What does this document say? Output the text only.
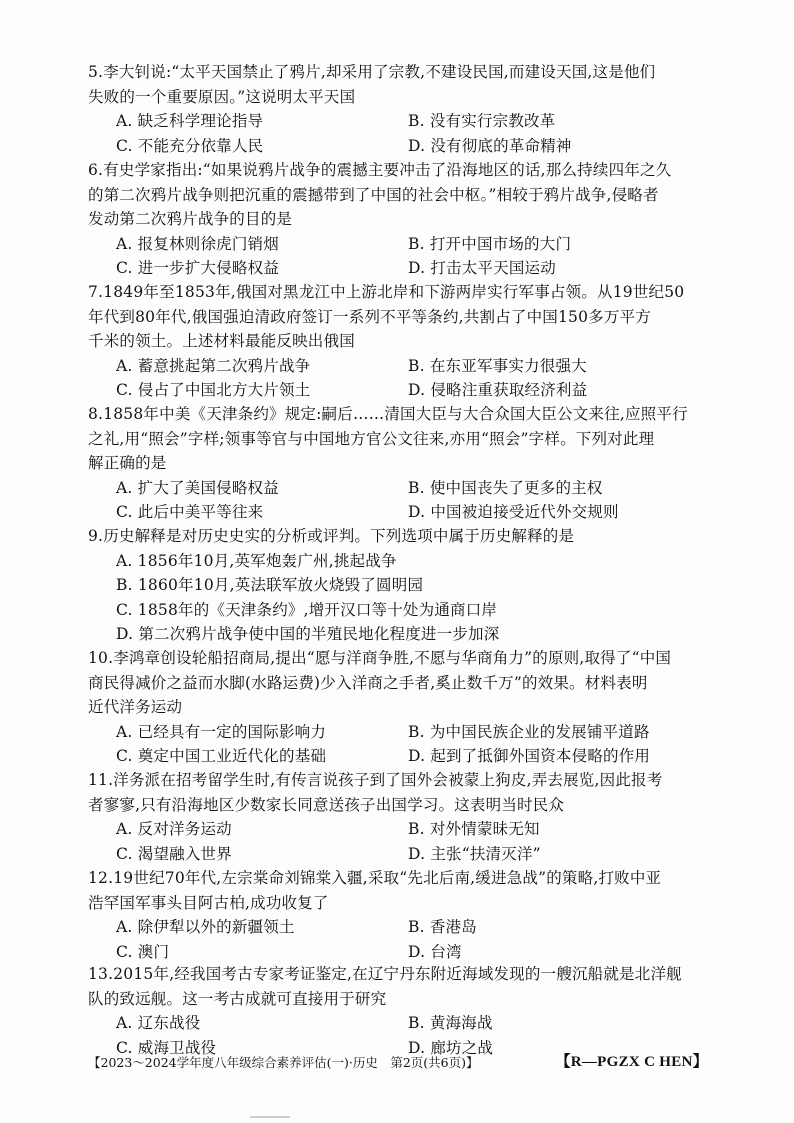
5.李大钊说:“太平天国禁止了鸦片,却采用了宗教,不建设民国,而建设天国,这是他们
失败的一个重要原因。”这说明太平天国
A. 缺乏科学理论指导	B. 没有实行宗教改革
C. 不能充分依靠人民	D. 没有彻底的革命精神
6.有史学家指出:“如果说鸦片战争的震撼主要冲击了沿海地区的话,那么持续四年之久
的第二次鸦片战争则把沉重的震撼带到了中国的社会中枢。”相较于鸦片战争,侵略者
发动第二次鸦片战争的目的是
A. 报复林则徐虎门销烟	B. 打开中国市场的大门
C. 进一步扩大侵略权益	D. 打击太平天国运动
7.1849年至1853年,俄国对黑龙江中上游北岸和下游两岸实行军事占领。从19世纪50
年代到80年代,俄国强迫清政府签订一系列不平等条约,共割占了中国150多万平方
千米的领土。上述材料最能反映出俄国
A. 蓄意挑起第二次鸦片战争	B. 在东亚军事实力很强大
C. 侵占了中国北方大片领土	D. 侵略注重获取经济利益
8.1858年中美《天津条约》规定:嗣后……清国大臣与大合众国大臣公文来往,应照平行
之礼,用“照会”字样;领事等官与中国地方官公文往来,亦用“照会”字样。下列对此理
解正确的是
A. 扩大了美国侵略权益	B. 使中国丧失了更多的主权
C. 此后中美平等往来	D. 中国被迫接受近代外交规则
9.历史解释是对历史史实的分析或评判。下列选项中属于历史解释的是
A. 1856年10月,英军炮轰广州,挑起战争
B. 1860年10月,英法联军放火烧毁了圆明园
C. 1858年的《天津条约》,增开汉口等十处为通商口岸
D. 第二次鸦片战争使中国的半殖民地化程度进一步加深
10.李鸿章创设轮船招商局,提出“愿与洋商争胜,不愿与华商角力”的原则,取得了“中国
商民得减价之益而水脚(水路运费)少入洋商之手者,奚止数千万”的效果。材料表明
近代洋务运动
A. 已经具有一定的国际影响力	B. 为中国民族企业的发展铺平道路
C. 奠定中国工业近代化的基础	D. 起到了抵御外国资本侵略的作用
11.洋务派在招考留学生时,有传言说孩子到了国外会被蒙上狗皮,弄去展览,因此报考
者寥寥,只有沿海地区少数家长同意送孩子出国学习。这表明当时民众
A. 反对洋务运动	B. 对外情蒙昧无知
C. 渴望融入世界	D. 主张“扶清灭洋”
12.19世纪70年代,左宗棠命刘锦棠入疆,采取“先北后南,缓进急战”的策略,打败中亚
浩罕国军事头目阿古柏,成功收复了
A. 除伊犁以外的新疆领土	B. 香港岛
C. 澳门	D. 台湾
13.2015年,经我国考古专家考证鉴定,在辽宁丹东附近海域发现的一艘沉船就是北洋舰
队的致远舰。这一考古成就可直接用于研究
A. 辽东战役	B. 黄海海战
C. 威海卫战役	D. 廊坊之战
【2023～2024学年度八年级综合素养评估(一)·历史　第2页(共6页)】	【R—PGZX C HEN】
